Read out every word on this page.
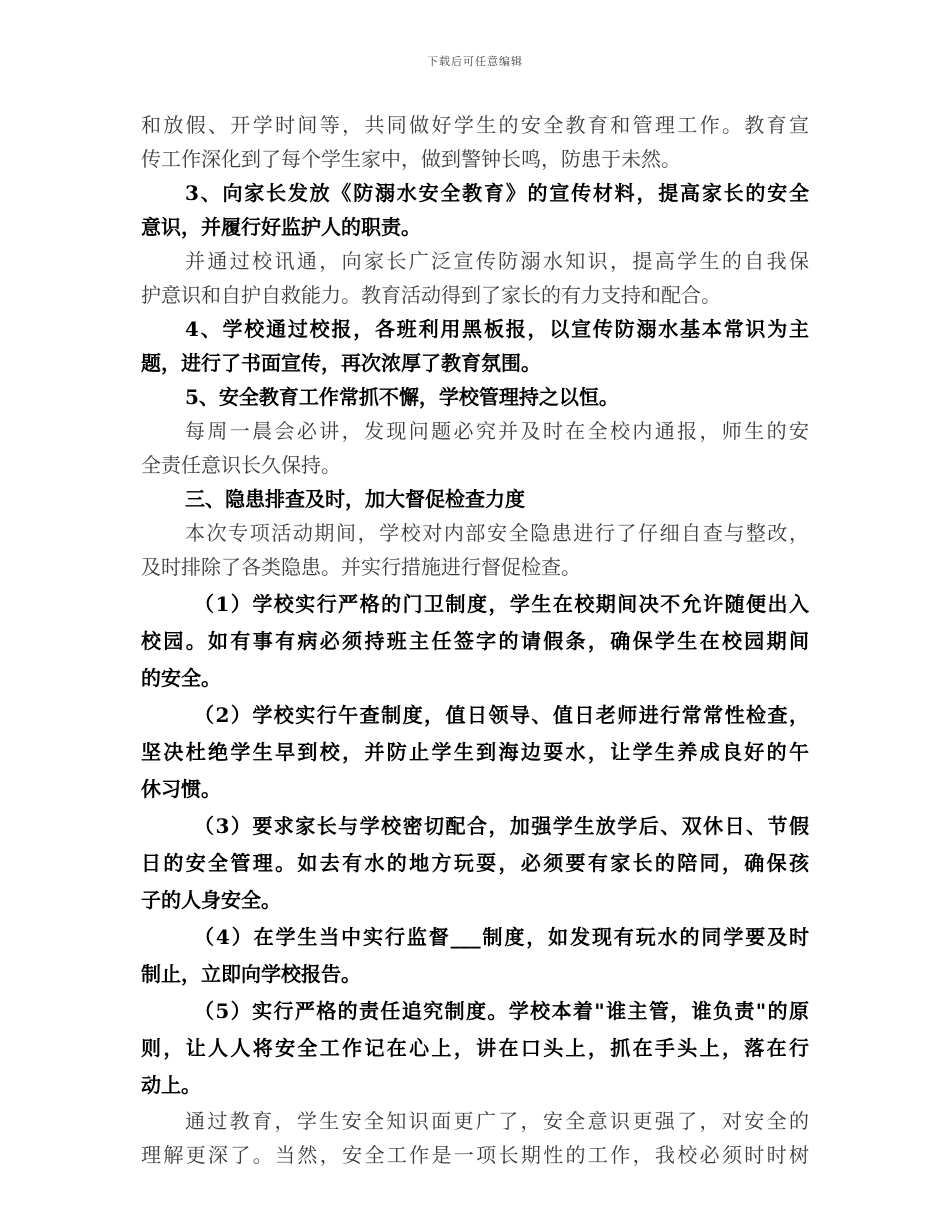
下载后可任意编辑
和放假、开学时间等，共同做好学生的安全教育和管理工作。教育宣
传工作深化到了每个学生家中，做到警钟长鸣，防患于未然。
3、向家长发放《防溺水安全教育》的宣传材料，提高家长的安全
意识，并履行好监护人的职责。
并通过校讯通，向家长广泛宣传防溺水知识，提高学生的自我保
护意识和自护自救能力。教育活动得到了家长的有力支持和配合。
4、学校通过校报，各班利用黑板报，以宣传防溺水基本常识为主
题，进行了书面宣传，再次浓厚了教育氛围。
5、安全教育工作常抓不懈，学校管理持之以恒。
每周一晨会必讲，发现问题必究并及时在全校内通报，师生的安
全责任意识长久保持。
三、隐患排查及时，加大督促检查力度
本次专项活动期间，学校对内部安全隐患进行了仔细自查与整改，
及时排除了各类隐患。并实行措施进行督促检查。
（1）学校实行严格的门卫制度，学生在校期间决不允许随便出入
校园。如有事有病必须持班主任签字的请假条，确保学生在校园期间
的安全。
（2）学校实行午查制度，值日领导、值日老师进行常常性检查，
坚决杜绝学生早到校，并防止学生到海边耍水，让学生养成良好的午
休习惯。
（3）要求家长与学校密切配合，加强学生放学后、双休日、节假
日的安全管理。如去有水的地方玩耍，必须要有家长的陪同，确保孩
子的人身安全。
（4）在学生当中实行监督___制度，如发现有玩水的同学要及时
制止，立即向学校报告。
（5）实行严格的责任追究制度。学校本着"谁主管，谁负责"的原
则，让人人将安全工作记在心上，讲在口头上，抓在手头上，落在行
动上。
通过教育，学生安全知识面更广了，安全意识更强了，对安全的
理解更深了。当然，安全工作是一项长期性的工作，我校必须时时树
